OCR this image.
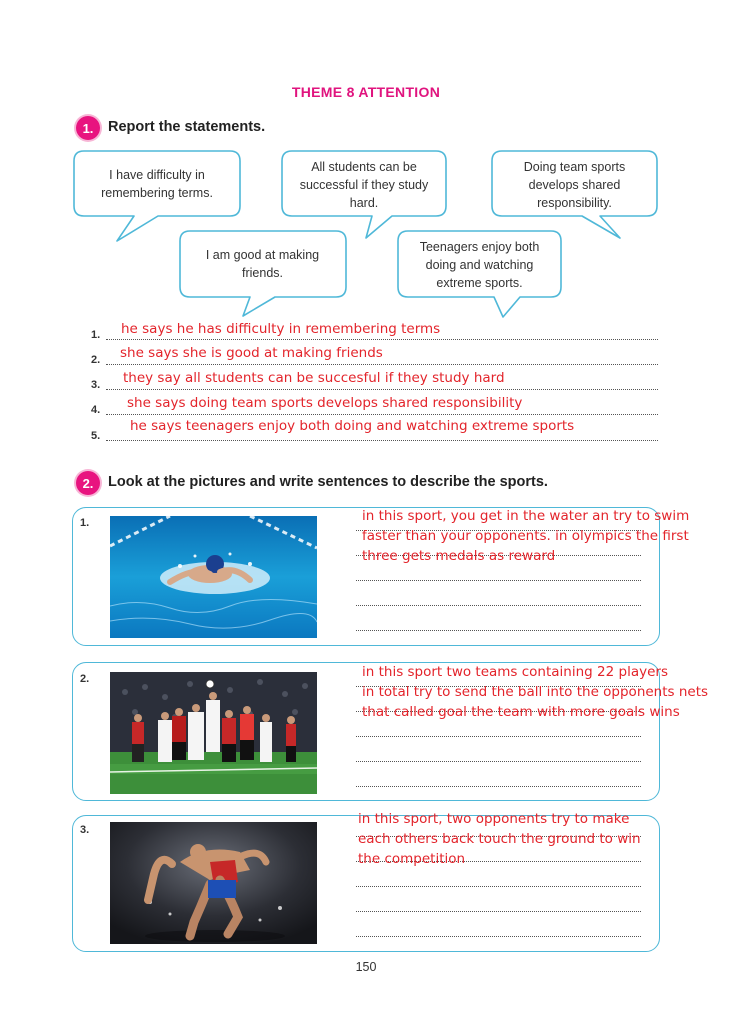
THEME 8 ATTENTION
1.	Report the statements.
I have difficulty in remembering terms.
All students can be successful if they study hard.
Doing team sports develops shared responsibility.
I am good at making friends.
Teenagers enjoy both doing and watching extreme sports.
1. he says he has difficulty in remembering terms
2. she says she is good at making friends
3. they say all students can be succesful if they study hard
4. she says doing team sports develops shared responsibility
5.
he says teenagers enjoy both doing and watching extreme sports
2.	Look at the pictures and write sentences to describe the sports.
1.	in this sport, you get in the water an try to swim
faster than your opponents. in olympics the first
three gets medals as reward
2.	in this sport two teams containing 22 players
in total try to send the ball into the opponents nets
that called goal the team with more goals wins
3.
in this sport, two opponents try to make
each others back touch the ground to win
the competition
150
